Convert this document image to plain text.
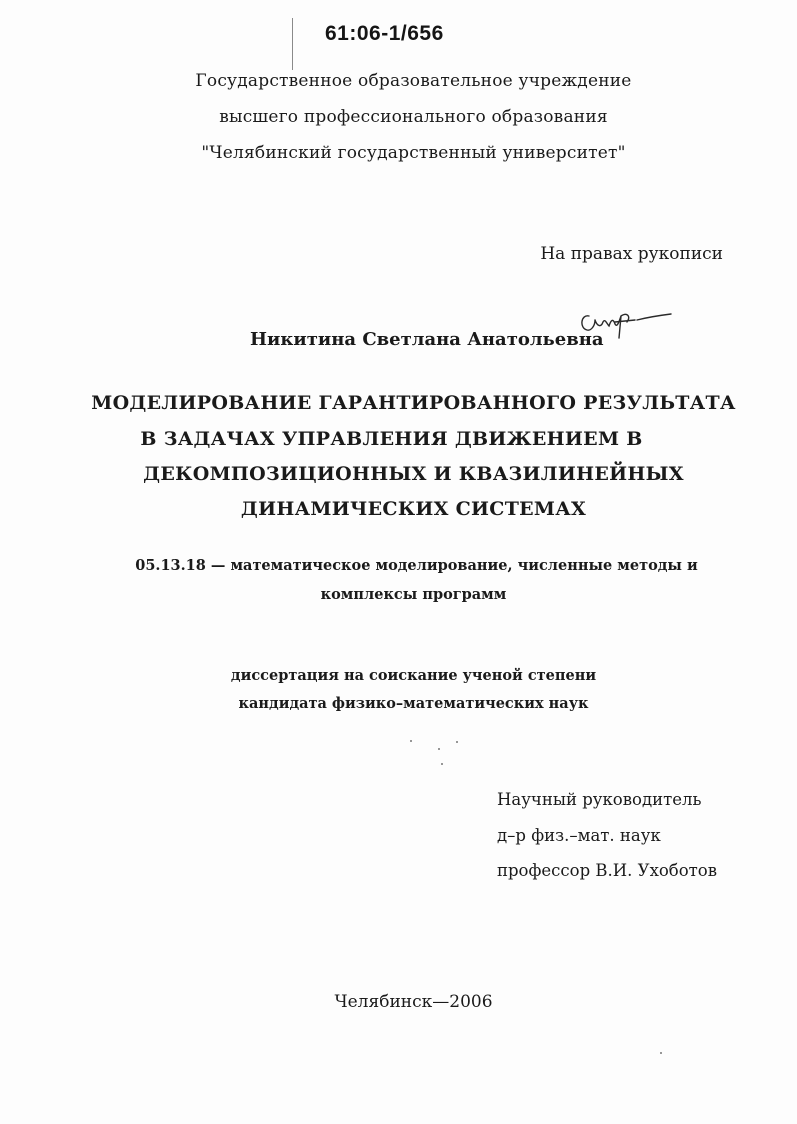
61:06-1/656
Государственное образовательное учреждение
высшего профессионального образования
"Челябинский государственный университет"
На правах рукописи
Никитина Светлана Анатольевна
МОДЕЛИРОВАНИЕ ГАРАНТИРОВАННОГО РЕЗУЛЬТАТА
В ЗАДАЧАХ УПРАВЛЕНИЯ ДВИЖЕНИЕМ В
ДЕКОМПОЗИЦИОННЫХ И КВАЗИЛИНЕЙНЫХ
ДИНАМИЧЕСКИХ СИСТЕМАХ
05.13.18 — математическое моделирование, численные методы и
комплексы программ
диссертация на соискание ученой степени
кандидата физико–математических наук
Научный руководитель
д–р физ.–мат. наук
профессор В.И. Ухоботов
Челябинск—2006
